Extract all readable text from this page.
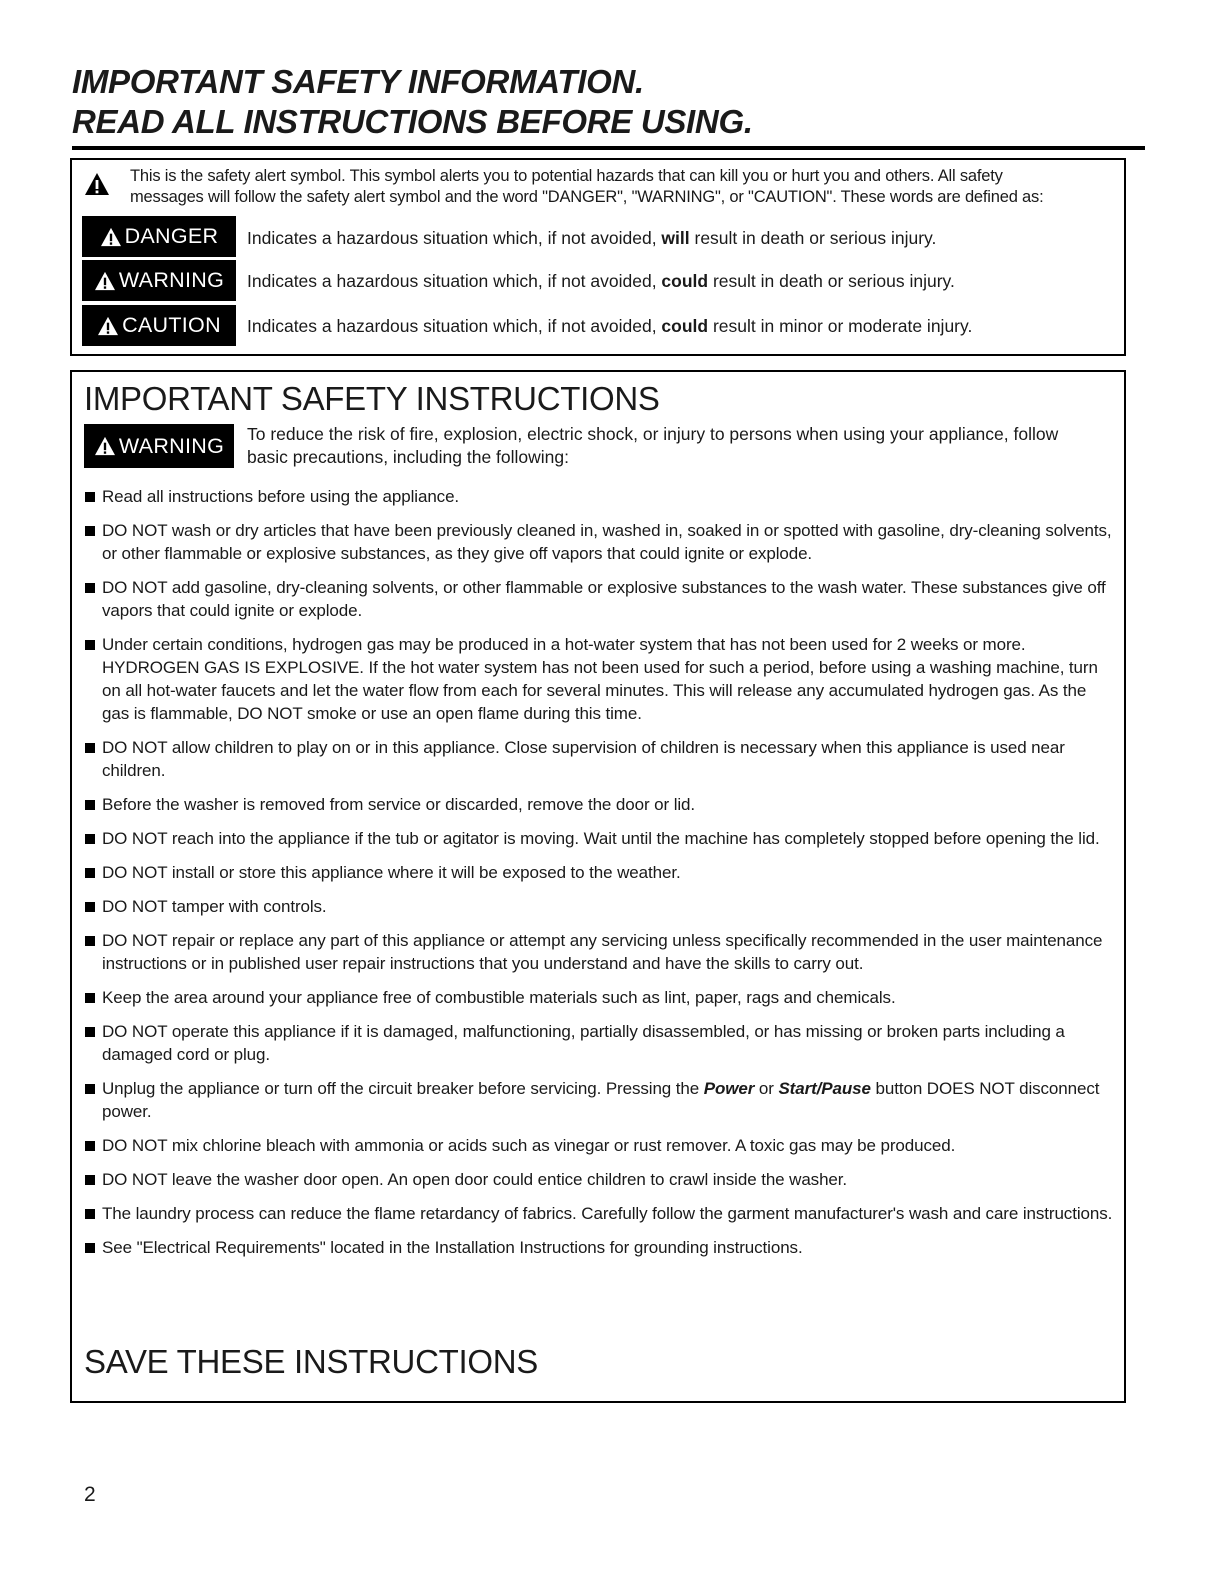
IMPORTANT SAFETY INFORMATION.
READ ALL INSTRUCTIONS BEFORE USING.

This is the safety alert symbol. This symbol alerts you to potential hazards that can kill you or hurt you and others. All safety
messages will follow the safety alert symbol and the word "DANGER", "WARNING", or "CAUTION". These words are defined as:

DANGER Indicates a hazardous situation which, if not avoided, will result in death or serious injury.

WARNING Indicates a hazardous situation which, if not avoided, could result in death or serious injury.

CAUTION Indicates a hazardous situation which, if not avoided, could result in minor or moderate injury.

IMPORTANT SAFETY INSTRUCTIONS
WARNING To reduce the risk of fire, explosion, electric shock, or injury to persons when using your appliance, follow
basic precautions, including the following:

Read all instructions before using the appliance.
DO NOT wash or dry articles that have been previously cleaned in, washed in, soaked in or spotted with gasoline, dry-cleaning solvents, or other flammable or explosive substances, as they give off vapors that could ignite or explode.
DO NOT add gasoline, dry-cleaning solvents, or other flammable or explosive substances to the wash water. These substances give off vapors that could ignite or explode.
Under certain conditions, hydrogen gas may be produced in a hot-water system that has not been used for 2 weeks or more. HYDROGEN GAS IS EXPLOSIVE. If the hot water system has not been used for such a period, before using a washing machine, turn on all hot-water faucets and let the water flow from each for several minutes. This will release any accumulated hydrogen gas. As the gas is flammable, DO NOT smoke or use an open flame during this time.
DO NOT allow children to play on or in this appliance. Close supervision of children is necessary when this appliance is used near children.
Before the washer is removed from service or discarded, remove the door or lid.
DO NOT reach into the appliance if the tub or agitator is moving. Wait until the machine has completely stopped before opening the lid.
DO NOT install or store this appliance where it will be exposed to the weather.
DO NOT tamper with controls.
DO NOT repair or replace any part of this appliance or attempt any servicing unless specifically recommended in the user maintenance instructions or in published user repair instructions that you understand and have the skills to carry out.
Keep the area around your appliance free of combustible materials such as lint, paper, rags and chemicals.
DO NOT operate this appliance if it is damaged, malfunctioning, partially disassembled, or has missing or broken parts including a damaged cord or plug.
Unplug the appliance or turn off the circuit breaker before servicing. Pressing the Power or Start/Pause button DOES NOT disconnect power.
DO NOT mix chlorine bleach with ammonia or acids such as vinegar or rust remover. A toxic gas may be produced.
DO NOT leave the washer door open. An open door could entice children to crawl inside the washer.
The laundry process can reduce the flame retardancy of fabrics. Carefully follow the garment manufacturer's wash and care instructions.
See "Electrical Requirements" located in the Installation Instructions for grounding instructions.
SAVE THESE INSTRUCTIONS

2
